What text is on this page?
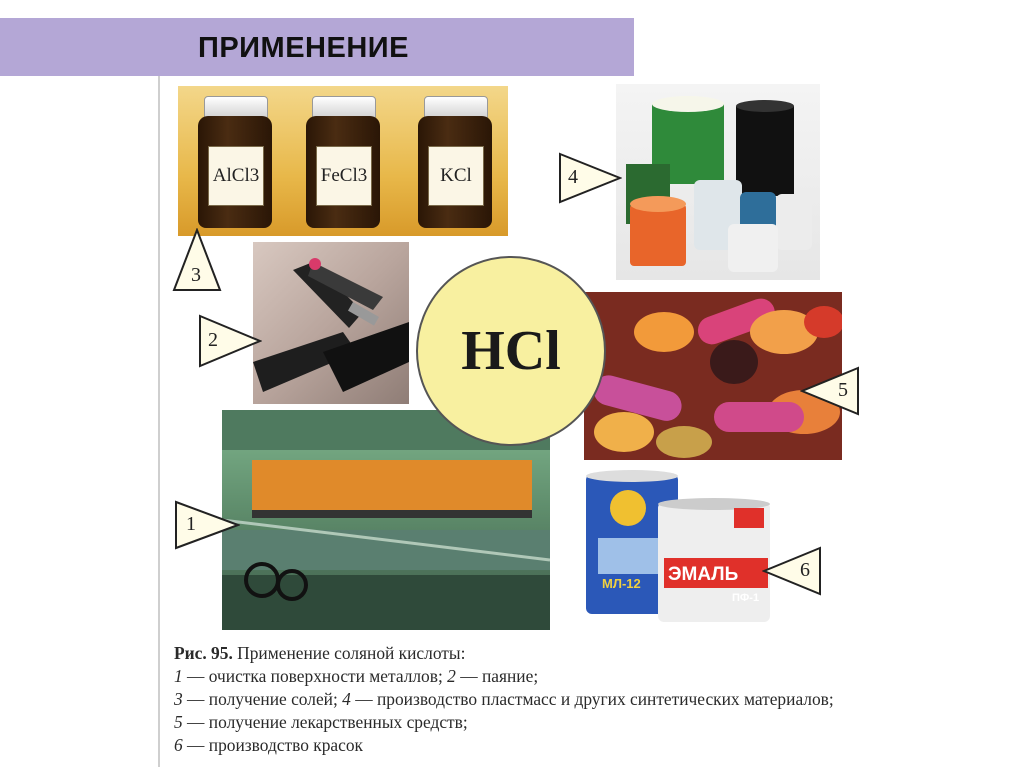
ПРИМЕНЕНИЕ
AlCl3	FeCl3	KCl
МЛ-12 ЭМАЛЬ
ПФ-1
HCl
1
2
3
4
5
6
Рис. 95. Применение соляной кислоты:
1 — очистка поверхности металлов; 2 — паяние;
3 — получение солей; 4 — производство пластмасс и других синтетических материалов;
5 — получение лекарственных средств;
6 — производство красок
